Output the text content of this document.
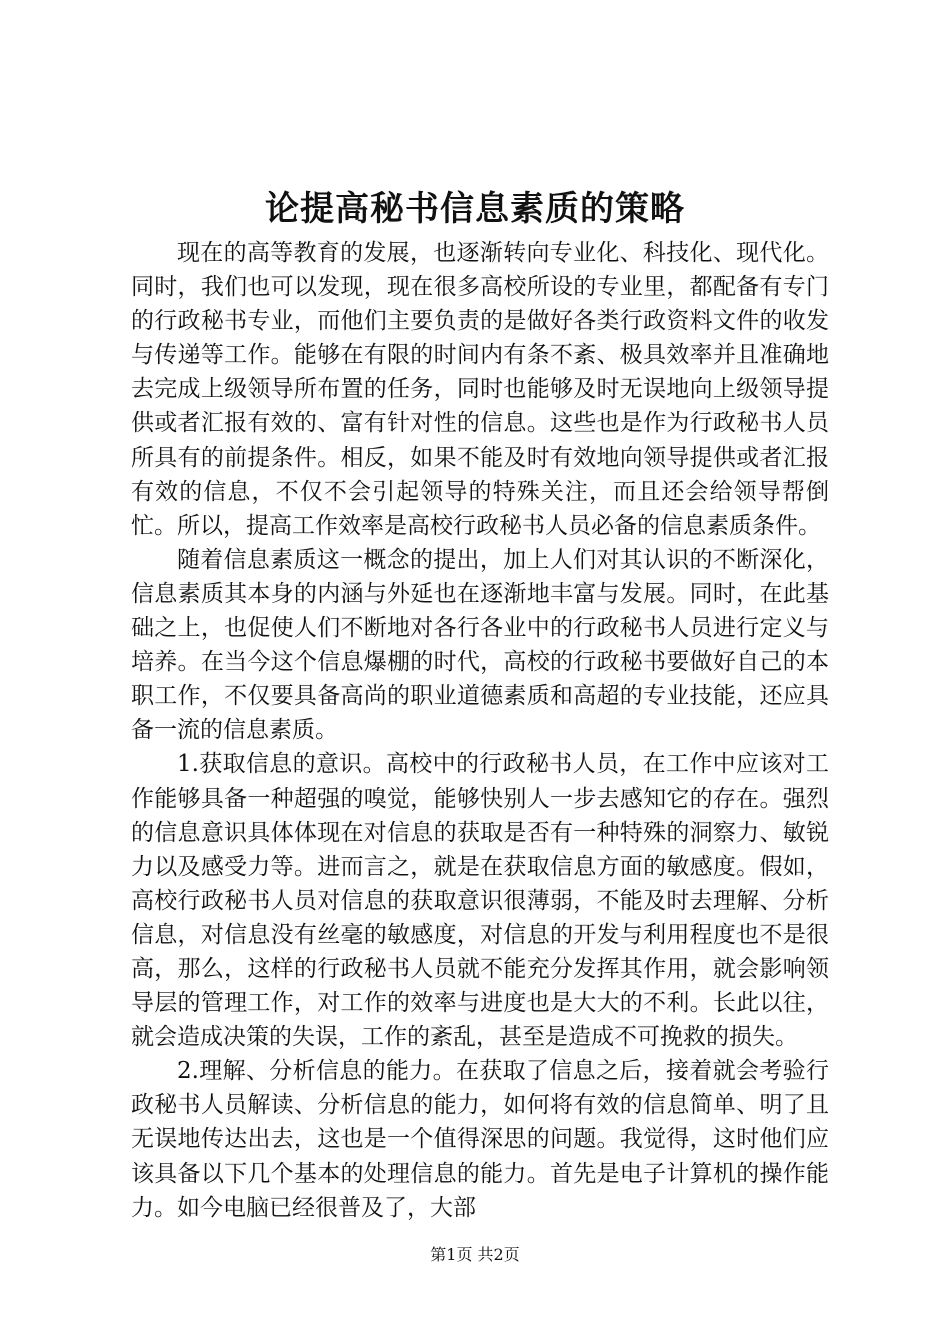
论提高秘书信息素质的策略

现在的高等教育的发展，也逐渐转向专业化、科技化、现代化。同时，我们也可以发现，现在很多高校所设的专业里，都配备有专门的行政秘书专业，而他们主要负责的是做好各类行政资料文件的收发与传递等工作。能够在有限的时间内有条不紊、极具效率并且准确地去完成上级领导所布置的任务，同时也能够及时无误地向上级领导提供或者汇报有效的、富有针对性的信息。这些也是作为行政秘书人员所具有的前提条件。相反，如果不能及时有效地向领导提供或者汇报有效的信息，不仅不会引起领导的特殊关注，而且还会给领导帮倒忙。所以，提高工作效率是高校行政秘书人员必备的信息素质条件。

随着信息素质这一概念的提出，加上人们对其认识的不断深化，信息素质其本身的内涵与外延也在逐渐地丰富与发展。同时，在此基础之上，也促使人们不断地对各行各业中的行政秘书人员进行定义与培养。在当今这个信息爆棚的时代，高校的行政秘书要做好自己的本职工作，不仅要具备高尚的职业道德素质和高超的专业技能，还应具备一流的信息素质。

1.获取信息的意识。高校中的行政秘书人员，在工作中应该对工作能够具备一种超强的嗅觉，能够快别人一步去感知它的存在。强烈的信息意识具体体现在对信息的获取是否有一种特殊的洞察力、敏锐力以及感受力等。进而言之，就是在获取信息方面的敏感度。假如，高校行政秘书人员对信息的获取意识很薄弱，不能及时去理解、分析信息，对信息没有丝毫的敏感度，对信息的开发与利用程度也不是很高，那么，这样的行政秘书人员就不能充分发挥其作用，就会影响领导层的管理工作，对工作的效率与进度也是大大的不利。长此以往，就会造成决策的失误，工作的紊乱，甚至是造成不可挽救的损失。

2.理解、分析信息的能力。在获取了信息之后，接着就会考验行政秘书人员解读、分析信息的能力，如何将有效的信息简单、明了且无误地传达出去，这也是一个值得深思的问题。我觉得，这时他们应该具备以下几个基本的处理信息的能力。首先是电子计算机的操作能力。如今电脑已经很普及了，大部

第1页 共2页
